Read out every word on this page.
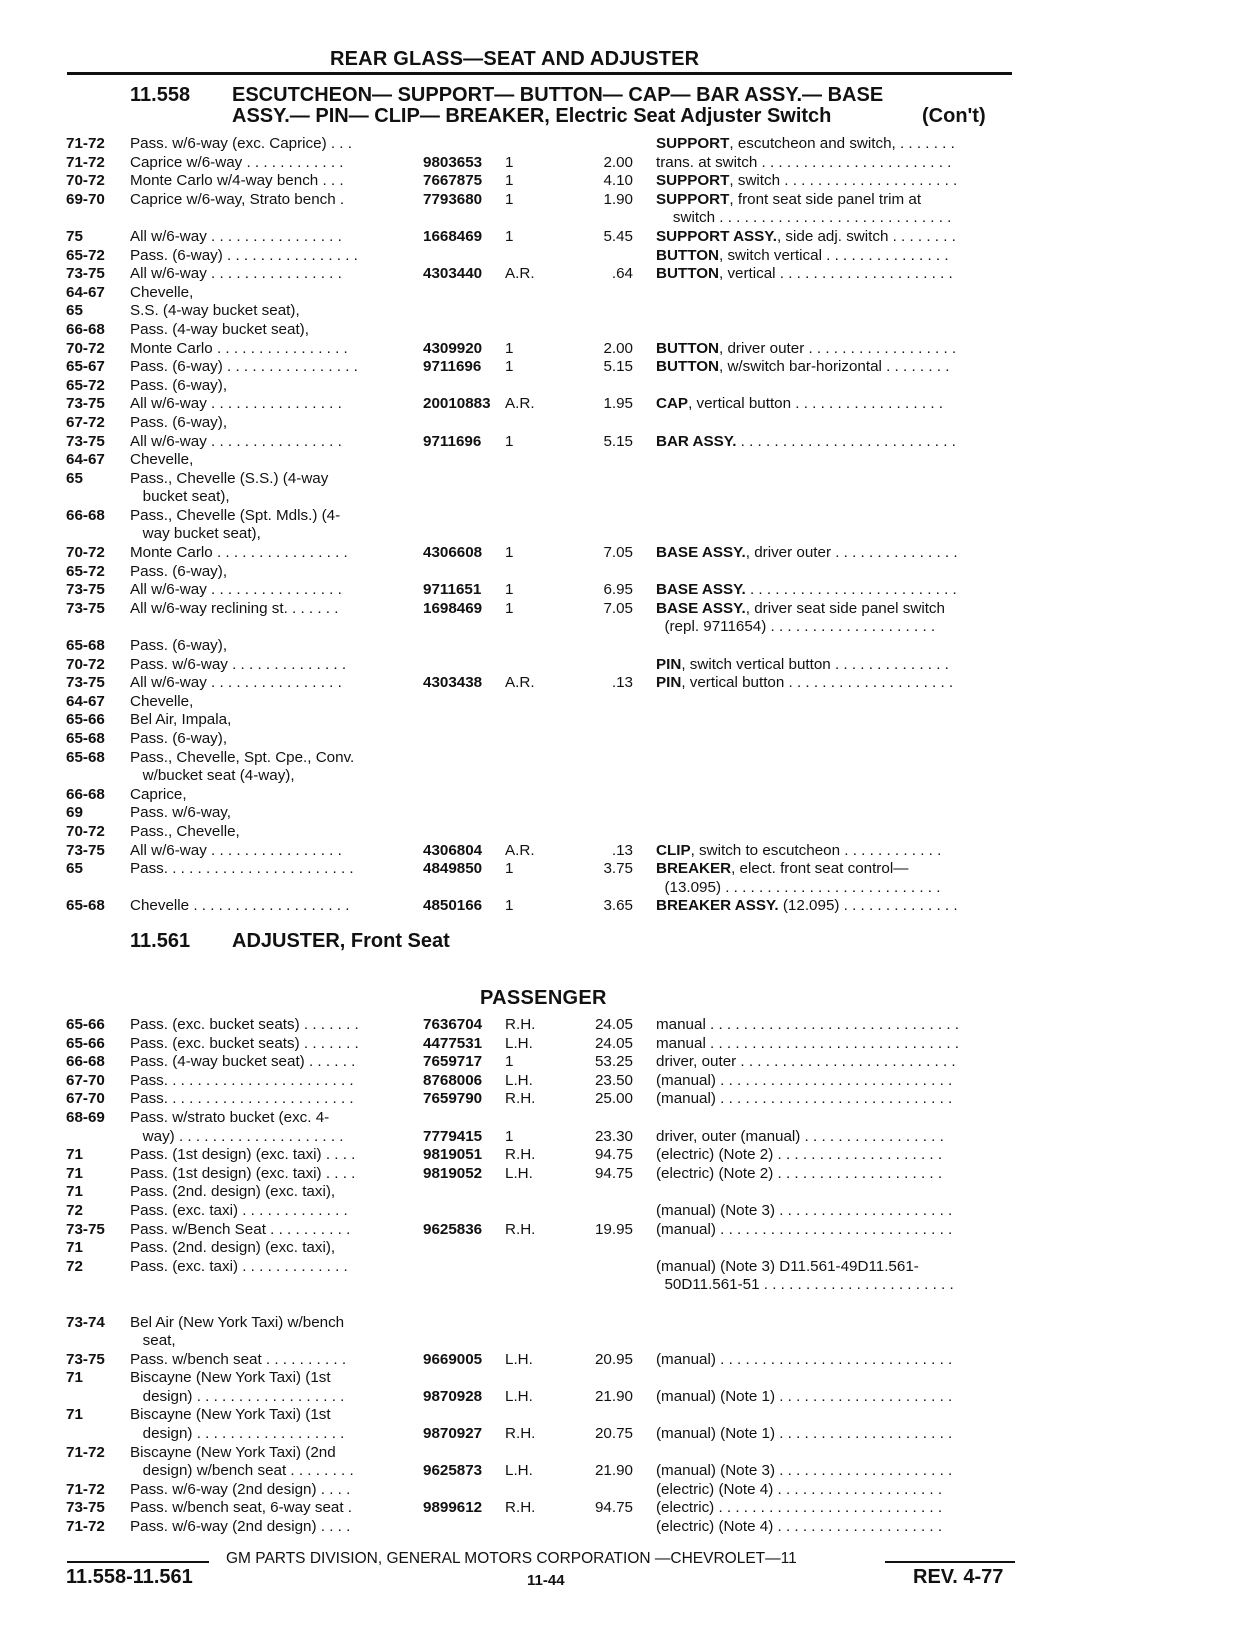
REAR GLASS—SEAT AND ADJUSTER
11.558 ESCUTCHEON— SUPPORT— BUTTON— CAP— BAR ASSY.— BASE
ASSY.— PIN— CLIP— BREAKER, Electric Seat Adjuster Switch	(Con't)
71-72 Pass. w/6-way (exc. Caprice) . . .	SUPPORT, escutcheon and switch, . . . . . . .
71-72 Caprice w/6-way . . . . . . . . . . . .	9803653	1	2.00 trans. at switch . . . . . . . . . . . . . . . . . . . . . . .
70-72 Monte Carlo w/4-way bench . . .	7667875	1	4.10 SUPPORT, switch . . . . . . . . . . . . . . . . . . . . .
69-70 Caprice w/6-way, Strato bench .	7793680	1	1.90 SUPPORT, front seat side panel trim at
switch . . . . . . . . . . . . . . . . . . . . . . . . . . . .
75	All w/6-way . . . . . . . . . . . . . . . .	1668469	1	5.45 SUPPORT ASSY., side adj. switch . . . . . . . .
65-72 Pass. (6-way) . . . . . . . . . . . . . . . .	BUTTON, switch vertical . . . . . . . . . . . . . . .
73-75 All w/6-way . . . . . . . . . . . . . . . .	4303440	A.R.	.64 BUTTON, vertical . . . . . . . . . . . . . . . . . . . . .
64-67 Chevelle,
65	S.S. (4-way bucket seat),
66-68 Pass. (4-way bucket seat),
70-72 Monte Carlo . . . . . . . . . . . . . . . .	4309920	1	2.00 BUTTON, driver outer . . . . . . . . . . . . . . . . . .
65-67 Pass. (6-way) . . . . . . . . . . . . . . . .	9711696	1	5.15 BUTTON, w/switch bar-horizontal . . . . . . . .
65-72 Pass. (6-way),
73-75 All w/6-way . . . . . . . . . . . . . . . .	20010883 A.R.	1.95 CAP, vertical button . . . . . . . . . . . . . . . . . .
67-72 Pass. (6-way),
73-75 All w/6-way . . . . . . . . . . . . . . . .	9711696	1	5.15 BAR ASSY. . . . . . . . . . . . . . . . . . . . . . . . . . .
64-67 Chevelle,
65	Pass., Chevelle (S.S.) (4-way
bucket seat),
66-68 Pass., Chevelle (Spt. Mdls.) (4-
way bucket seat),
70-72 Monte Carlo . . . . . . . . . . . . . . . .	4306608	1	7.05 BASE ASSY., driver outer . . . . . . . . . . . . . . .
65-72 Pass. (6-way),
73-75 All w/6-way . . . . . . . . . . . . . . . .	9711651	1	6.95 BASE ASSY. . . . . . . . . . . . . . . . . . . . . . . . . .
73-75 All w/6-way reclining st. . . . . . .	1698469	1	7.05 BASE ASSY., driver seat side panel switch
(repl. 9711654) . . . . . . . . . . . . . . . . . . . .
65-68 Pass. (6-way),
70-72 Pass. w/6-way . . . . . . . . . . . . . .	PIN, switch vertical button . . . . . . . . . . . . . .
73-75 All w/6-way . . . . . . . . . . . . . . . .	4303438	A.R.	.13 PIN, vertical button . . . . . . . . . . . . . . . . . . . .
64-67 Chevelle,
65-66 Bel Air, Impala,
65-68 Pass. (6-way),
65-68 Pass., Chevelle, Spt. Cpe., Conv.
w/bucket seat (4-way),
66-68 Caprice,
69	Pass. w/6-way,
70-72 Pass., Chevelle,
73-75 All w/6-way . . . . . . . . . . . . . . . .	4306804	A.R.	.13 CLIP, switch to escutcheon . . . . . . . . . . . .
65	Pass. . . . . . . . . . . . . . . . . . . . . . .	4849850	1	3.75 BREAKER, elect. front seat control—
(13.095) . . . . . . . . . . . . . . . . . . . . . . . . . .
65-68 Chevelle . . . . . . . . . . . . . . . . . . .	4850166	1	3.65 BREAKER ASSY. (12.095) . . . . . . . . . . . . . .
11.561 ADJUSTER, Front Seat
PASSENGER
65-66 Pass. (exc. bucket seats) . . . . . . .	7636704	R.H.	24.05 manual . . . . . . . . . . . . . . . . . . . . . . . . . . . . . .
65-66 Pass. (exc. bucket seats) . . . . . . .	4477531	L.H.	24.05 manual . . . . . . . . . . . . . . . . . . . . . . . . . . . . . .
66-68 Pass. (4-way bucket seat) . . . . . .	7659717	1	53.25 driver, outer . . . . . . . . . . . . . . . . . . . . . . . . . .
67-70 Pass. . . . . . . . . . . . . . . . . . . . . . .	8768006	L.H.	23.50 (manual) . . . . . . . . . . . . . . . . . . . . . . . . . . . .
67-70 Pass. . . . . . . . . . . . . . . . . . . . . . .	7659790	R.H.	25.00 (manual) . . . . . . . . . . . . . . . . . . . . . . . . . . . .
68-69 Pass. w/strato bucket (exc. 4-
way) . . . . . . . . . . . . . . . . . . . .	7779415	1	23.30 driver, outer (manual) . . . . . . . . . . . . . . . . .
71	Pass. (1st design) (exc. taxi) . . . .	9819051	R.H.	94.75 (electric) (Note 2) . . . . . . . . . . . . . . . . . . . .
71	Pass. (1st design) (exc. taxi) . . . .	9819052	L.H.	94.75 (electric) (Note 2) . . . . . . . . . . . . . . . . . . . .
71	Pass. (2nd. design) (exc. taxi),
72	Pass. (exc. taxi) . . . . . . . . . . . . .	(manual) (Note 3) . . . . . . . . . . . . . . . . . . . . .
73-75 Pass. w/Bench Seat . . . . . . . . . .	9625836	R.H.	19.95 (manual) . . . . . . . . . . . . . . . . . . . . . . . . . . . .
71	Pass. (2nd. design) (exc. taxi),
72	Pass. (exc. taxi) . . . . . . . . . . . . .	(manual) (Note 3) D11.561-49D11.561-
50D11.561-51 . . . . . . . . . . . . . . . . . . . . . . .
73-74 Bel Air (New York Taxi) w/bench
seat,
73-75 Pass. w/bench seat . . . . . . . . . .	9669005	L.H.	20.95 (manual) . . . . . . . . . . . . . . . . . . . . . . . . . . . .
71	Biscayne (New York Taxi) (1st
design) . . . . . . . . . . . . . . . . . .	9870928	L.H.	21.90 (manual) (Note 1) . . . . . . . . . . . . . . . . . . . . .
71	Biscayne (New York Taxi) (1st
design) . . . . . . . . . . . . . . . . . .	9870927	R.H.	20.75 (manual) (Note 1) . . . . . . . . . . . . . . . . . . . . .
71-72 Biscayne (New York Taxi) (2nd
design) w/bench seat . . . . . . . .	9625873	L.H.	21.90 (manual) (Note 3) . . . . . . . . . . . . . . . . . . . . .
71-72 Pass. w/6-way (2nd design) . . . .	(electric) (Note 4) . . . . . . . . . . . . . . . . . . . .
73-75 Pass. w/bench seat, 6-way seat .	9899612	R.H.	94.75 (electric) . . . . . . . . . . . . . . . . . . . . . . . . . . .
71-72 Pass. w/6-way (2nd design) . . . .	(electric) (Note 4) . . . . . . . . . . . . . . . . . . . .
GM PARTS DIVISION, GENERAL MOTORS CORPORATION —CHEVROLET—11
11.558-11.561	11-44	REV. 4-77
